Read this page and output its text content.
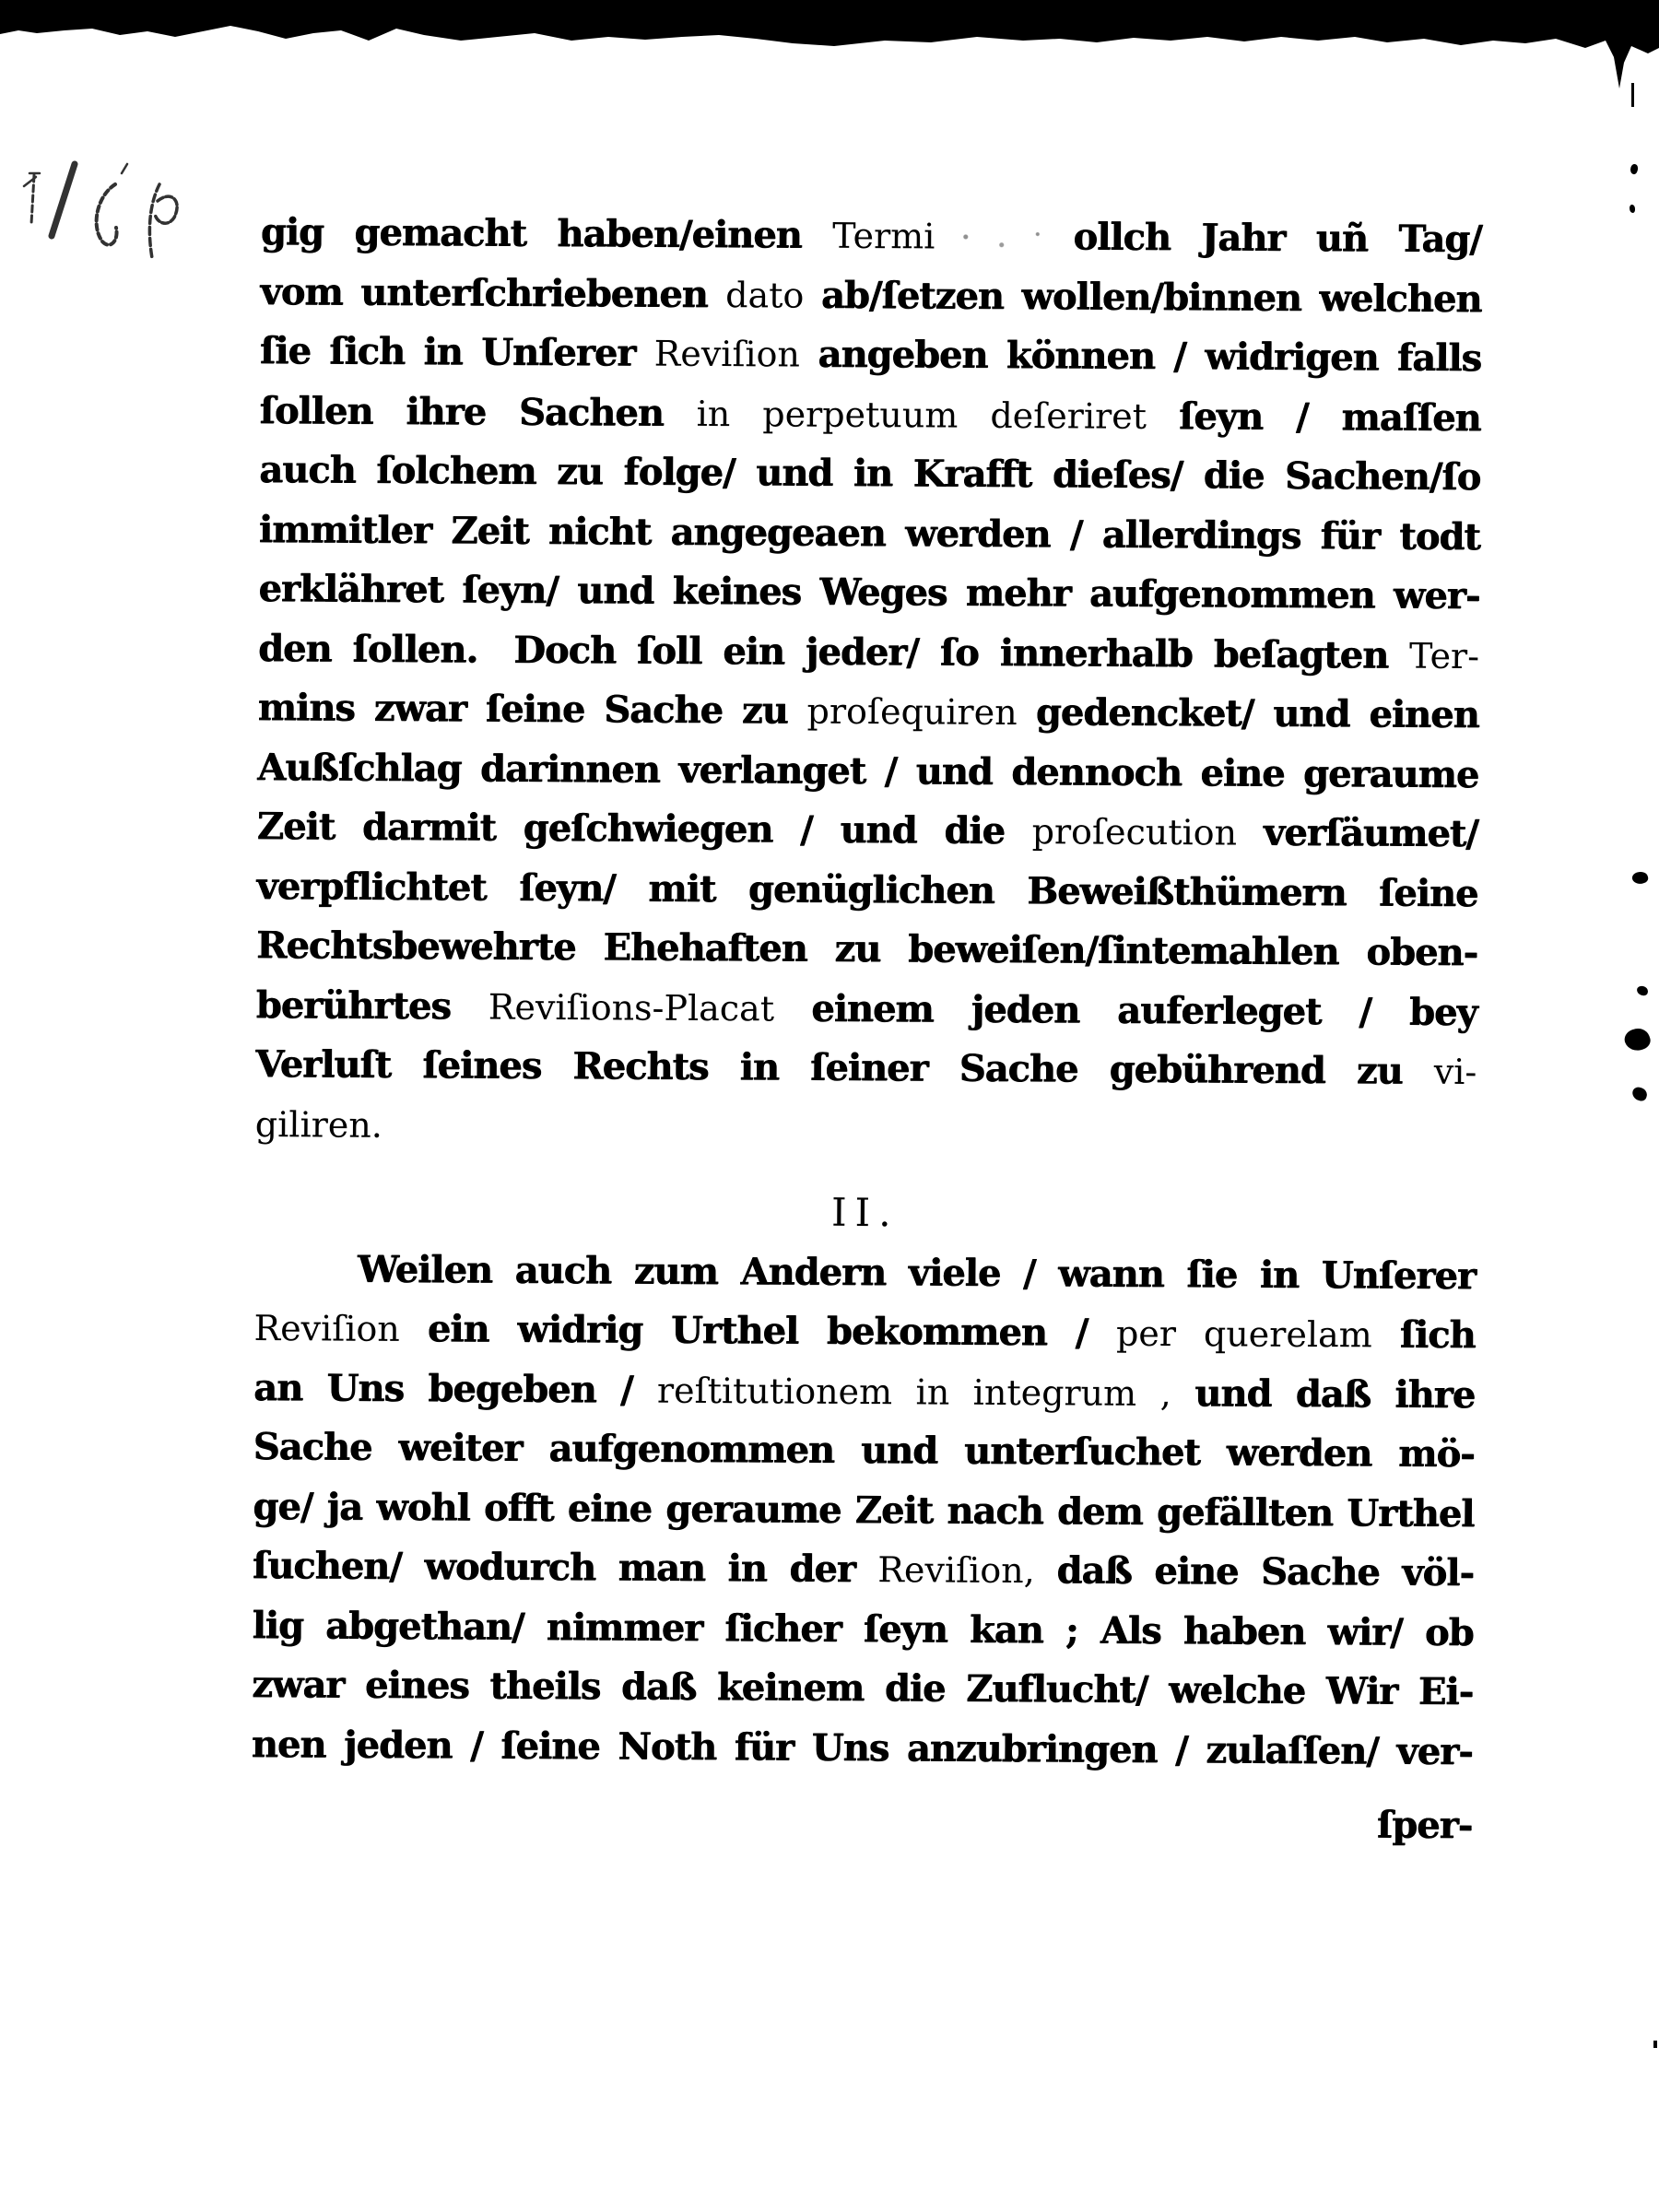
gig gemacht haben/einen Termi	ollch Jahr uñ Tag/
vom unterſchriebenen dato ab/ſetzen wollen/binnen welchen
ſie ſich in Unſerer Reviſion angeben können / widrigen falls
ſollen ihre Sachen in perpetuum deſeriret ſeyn / maſſen
auch ſolchem zu folge/ und in Krafft dieſes/ die Sachen/ſo
immitler Zeit nicht angegeaen werden / allerdings für todt
erklähret ſeyn/ und keines Weges mehr aufgenommen wer-
den ſollen. Doch ſoll ein jeder/ ſo innerhalb beſagten Ter-
mins zwar ſeine Sache zu proſequiren gedencket/ und einen
Außſchlag darinnen verlanget / und dennoch eine geraume
Zeit darmit geſchwiegen / und die proſecution verſäumet/
verpflichtet ſeyn/ mit genüglichen Beweißthümern ſeine
Rechtsbewehrte Ehehaften zu beweiſen/ſintemahlen oben-
berührtes Reviſions-Placat einem jeden auferleget / bey
Verluſt ſeines Rechts in ſeiner Sache gebührend zu vi-
giliren.
II.
Weilen auch zum Andern viele / wann ſie in Unſerer
Reviſion ein widrig Urthel bekommen / per querelam ſich
an Uns begeben / reſtitutionem in integrum , und daß ihre
Sache weiter aufgenommen und unterſuchet werden mö-
ge/ ja wohl offt eine geraume Zeit nach dem gefällten Urthel
ſuchen/ wodurch man in der Reviſion, daß eine Sache völ-
lig abgethan/ nimmer ſicher ſeyn kan ; Als haben wir/ ob
zwar eines theils daß keinem die Zuflucht/ welche Wir Ei-
nen jeden / ſeine Noth für Uns anzubringen / zulaſſen/ ver-
ſper-
